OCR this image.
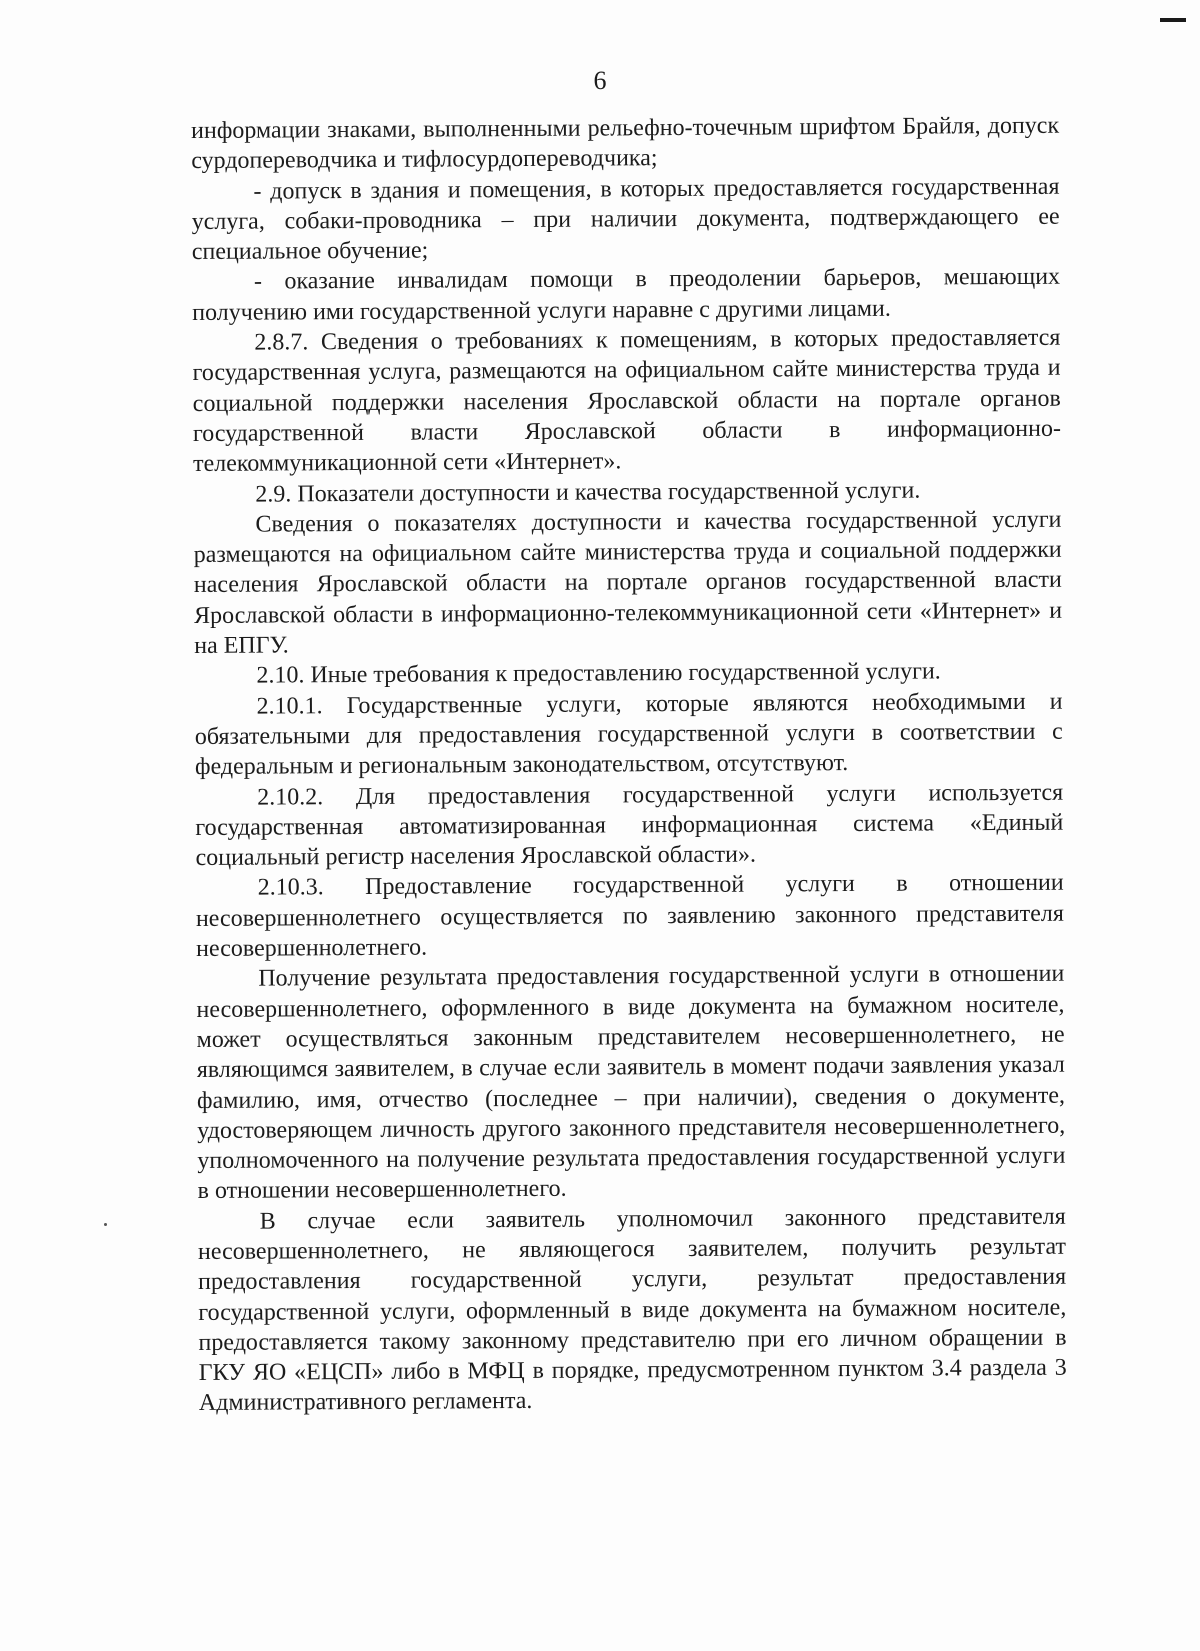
6

информации знаками, выполненными рельефно-точечным шрифтом Брайля, допуск сурдопереводчика и тифлосурдопереводчика;

- допуск в здания и помещения, в которых предоставляется государственная услуга, собаки-проводника – при наличии документа, подтверждающего ее специальное обучение;

- оказание инвалидам помощи в преодолении барьеров, мешающих получению ими государственной услуги наравне с другими лицами.

2.8.7. Сведения о требованиях к помещениям, в которых предоставляется государственная услуга, размещаются на официальном сайте министерства труда и социальной поддержки населения Ярославской области на портале органов государственной власти Ярославской области в информационно-телекоммуникационной сети «Интернет».

2.9. Показатели доступности и качества государственной услуги.

Сведения о показателях доступности и качества государственной услуги размещаются на официальном сайте министерства труда и социальной поддержки населения Ярославской области на портале органов государственной власти Ярославской области в информационно-телекоммуникационной сети «Интернет» и на ЕПГУ.

2.10. Иные требования к предоставлению государственной услуги.

2.10.1. Государственные услуги, которые являются необходимыми и обязательными для предоставления государственной услуги в соответствии с федеральным и региональным законодательством, отсутствуют.

2.10.2. Для предоставления государственной услуги используется государственная автоматизированная информационная система «Единый социальный регистр населения Ярославской области».

2.10.3. Предоставление государственной услуги в отношении несовершеннолетнего осуществляется по заявлению законного представителя несовершеннолетнего.

Получение результата предоставления государственной услуги в отношении несовершеннолетнего, оформленного в виде документа на бумажном носителе, может осуществляться законным представителем несовершеннолетнего, не являющимся заявителем, в случае если заявитель в момент подачи заявления указал фамилию, имя, отчество (последнее – при наличии), сведения о документе, удостоверяющем личность другого законного представителя несовершеннолетнего, уполномоченного на получение результата предоставления государственной услуги в отношении несовершеннолетнего.

В случае если заявитель уполномочил законного представителя несовершеннолетнего, не являющегося заявителем, получить результат предоставления государственной услуги, результат предоставления государственной услуги, оформленный в виде документа на бумажном носителе, предоставляется такому законному представителю при его личном обращении в ГКУ ЯО «ЕЦСП» либо в МФЦ в порядке, предусмотренном пунктом 3.4 раздела 3 Административного регламента.
